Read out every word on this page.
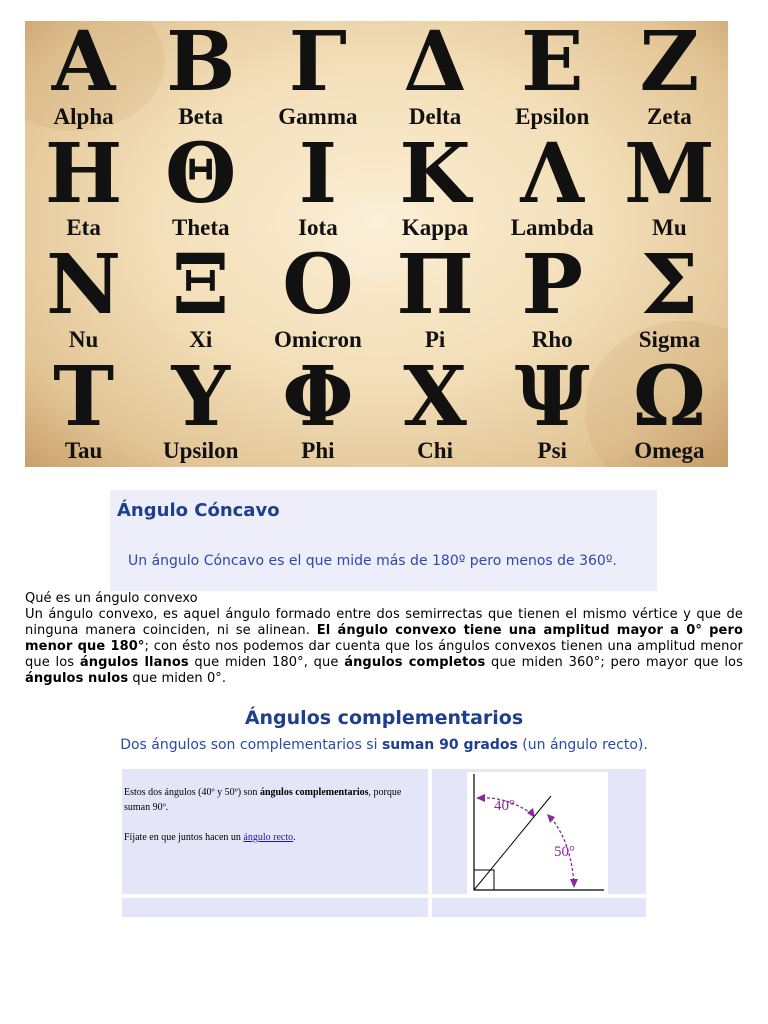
Α
Alpha
Β
Beta
Γ
Gamma
Δ
Delta
Ε
Epsilon
Ζ
Zeta
Η
Eta
Θ
Theta
Ι
Iota
Κ
Kappa
Λ
Lambda
Μ
Mu
Ν
Nu
Ξ
Xi
Ο
Omicron
Π
Pi
Ρ
Rho
Σ
Sigma
Τ
Tau
Υ
Upsilon
Φ
Phi
Χ
Chi
Ψ
Psi
Ω
Omega
Ángulo Cóncavo
Un ángulo Cóncavo es el que mide más de 180º pero menos de 360º.
Qué es un ángulo convexo
Un ángulo convexo, es aquel ángulo formado entre dos semirrectas que tienen el mismo vértice y que de ninguna manera coinciden, ni se alinean. El ángulo convexo tiene una amplitud mayor a 0° pero menor que 180°; con ésto nos podemos dar cuenta que los ángulos convexos tienen una amplitud menor que los ángulos llanos que miden 180°, que ángulos completos que miden 360°; pero mayor que los ángulos nulos que miden 0°.
Ángulos complementarios
Dos ángulos son complementarios si suman 90 grados (un ángulo recto).

Estos dos ángulos (40º y 50º) son ángulos complementarios, porque suman 90º.

Fíjate en que juntos hacen un ángulo recto.

40°
50°
